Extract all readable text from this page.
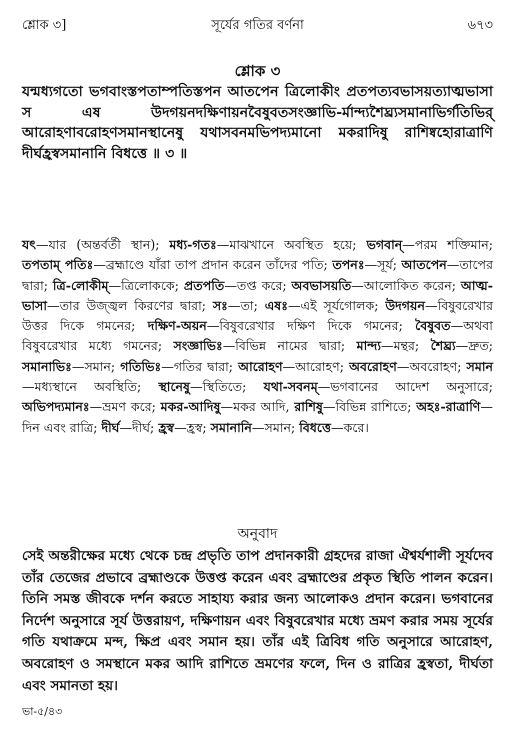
শ্লোক ৩]	সূর্যের গতির বর্ণনা	৬৭৩
শ্লোক ৩
যন্মধ্যগতো ভগবাংস্তপতাম্পতিস্তপন আতপেন ত্রিলোকীং প্রতপত্যবভাসয়ত্যাত্মভাসা স এষ উদগয়নদক্ষিণায়নবৈষুবতসংজ্ঞাভি-র্মান্দ্যশৈঘ্র্যসমানাভির্গতিভির্ আরোহণাবরোহণসমানস্থানেষু যথাসবনমভিপদ্যমানো মকরাদিষু রাশিষ্বহোরাত্রাণি দীর্ঘহ্রস্বসমানানি বিধত্তে ॥ ৩ ॥
যৎ—যার (অন্তর্বর্তী স্থান); মধ্য-গতঃ—মাঝখানে অবস্থিত হয়ে; ভগবান্—পরম শক্তিমান; তপতাম্ পতিঃ—ব্রহ্মাণ্ডে যাঁরা তাপ প্রদান করেন তাঁদের পতি; তপনঃ—সূর্য; আতপেন—তাপের দ্বারা; ত্রি-লোকীম্—ত্রিলোককে; প্রতপতি—তপ্ত করে; অবভাসয়তি—আলোকিত করেন; আত্ম-ভাসা—তার উজ্জ্বল কিরণের দ্বারা; সঃ—তা; এষঃ—এই সূর্যগোলক; উদগয়ন—বিষুবরেখার উত্তর দিকে গমনের; দক্ষিণ-অয়ন—বিষুবরেখার দক্ষিণ দিকে গমনের; বৈষুবত—অথবা বিষুবরেখার মধ্যে গমনের; সংজ্ঞাভিঃ—বিভিন্ন নামের দ্বারা; মান্দ্য—মন্থর; শৈঘ্র্য—দ্রুত; সমানাভিঃ—সমান; গতিভিঃ—গতির দ্বারা; আরোহণ—আরোহণ; অবরোহণ—অবরোহণ; সমান—মধ্যস্থানে অবস্থিতি; স্থানেষু—স্থিতিতে; যথা-সবনম্—ভগবানের আদেশ অনুসারে; অভিপদ্যমানঃ—ভ্রমণ করে; মকর-আদিষু—মকর আদি, রাশিষু—বিভিন্ন রাশিতে; অহঃ-রাত্রাণি—দিন এবং রাত্রি; দীর্ঘ—দীর্ঘ; হ্রস্ব—হ্রস্ব; সমানানি—সমান; বিধত্তে—করে।
অনুবাদ
সেই অন্তরীক্ষের মধ্যে থেকে চন্দ্র প্রভৃতি তাপ প্রদানকারী গ্রহদের রাজা ঐশ্বর্যশালী সূর্যদেব তাঁর তেজের প্রভাবে ব্রহ্মাণ্ডকে উত্তপ্ত করেন এবং ব্রহ্মাণ্ডের প্রকৃত স্থিতি পালন করেন। তিনি সমস্ত জীবকে দর্শন করতে সাহায্য করার জন্য আলোকও প্রদান করেন। ভগবানের নির্দেশ অনুসারে সূর্য উত্তরায়ণ, দক্ষিণায়ন এবং বিষুবরেখার মধ্যে ভ্রমণ করার সময় সূর্যের গতি যথাক্রমে মন্দ, ক্ষিপ্র এবং সমান হয়। তাঁর এই ত্রিবিধ গতি অনুসারে আরোহণ, অবরোহণ ও সমস্থানে মকর আদি রাশিতে ভ্রমণের ফলে, দিন ও রাত্রির হ্রস্বতা, দীর্ঘতা এবং সমানতা হয়।
ভা-৫/৪৩
